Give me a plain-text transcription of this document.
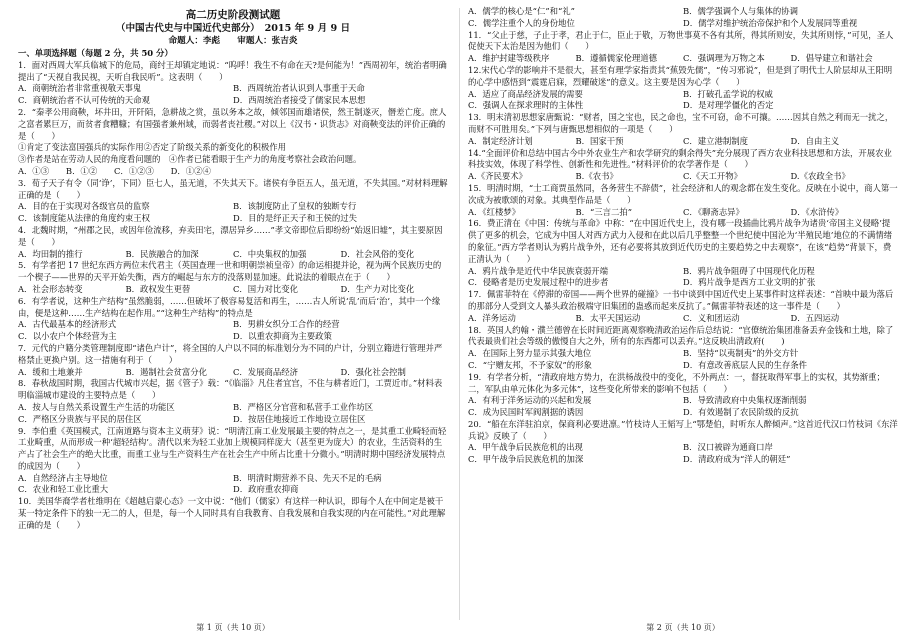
高二历史阶段测试题
（中国古代史与中国近代史部分）　2015 年 9 月 9 日
命题人：李彪　　审题人：张吉炎
一、单项选择题（每题 2 分，共 50 分）
1．面对西周大军兵临城下的危局，商纣王却镇定地说：“呜呼！我生不有命在天?是何能为！”西周初年，统治者明确提出了“天视自我民视，天听自我民听”。这表明（　　）
A．商朝统治者非常重视敬天事鬼	B．西周统治者认识到人事重于天命
C．商朝统治者不认可传统的天命观	D．西周统治者接受了儒家民本思想
2．“秦孝公用商鞅，坏井田，开阡陌，急耕战之赏，虽以务本之故，倾邻国而雄诸侯，然王制遂灭，僭差亡度。庶人之富者累巨万，而贫者食糟糠；有国强者兼州域，而弱者丧社稷。”对以上《汉书・识货志》对商鞅变法的评价正确的是（　　）
①肯定了变法富国强兵的实际作用②否定了阶级关系的新变化的积极作用
③作者是站在劳动人民的角度看问题的　④作者已能看眼于生产力的角度考察社会政治问题。
A．①③　　B．①②　　C．①②③　　D．①②④
3．荀子天子有令（同‘诤’，下同）臣七人，虽无道，不失其天下。诸侯有争臣五人，虽无道，不失其国。”对材料理解正确的是（　　）
A．目的在于实现对各级官员的监察	B．该制度防止了皇权的独断专行
C．该制度能从法律的角度约束王权	D．目的是纾正天子和王侯的过失
4．北魏时期，“州郡之民，或因年俭流移，弃卖田宅，漂居异乡……”孝文帝即位后即纷纷“始返旧墟”，其主要原因是（　　）
A．均田制的推行	B．民族融合的加深	C．中央集权的加强	D．社会风俗的变化
5．有学者把 17 世纪东西方两位末代君主（英国查理一世和明朝崇祯皇帝）的命运相提并论，视为两个民族历史的一个楔子——世界的天平开始失衡，西方的崛起与东方的没落则显加速。此说法的着眼点在于（　　）
A．社会形态转变	B．政权发生更替	C．国力对比变化	D．生产力对比变化
6．有学者说，这种生产结构“虽然脆弱，……但破坏了极容易复活和再生，……古人所说‘乱’而后‘治’，其中一个缘由，便是这种……生产结构在起作用。”“这种生产结构”的特点是
A．古代最基本的经济形式	B．男耕女织分工合作的经营
C．以小农户个体经营为主	D．以重农抑商为主要政策
7．元代的户籍分类管理制度即“诸色户计”，将全国的人户以不同的标准划分为不同的户计，分别立籍进行管理并严格禁止更换户别。这一措施有利于（　　）
A．缓和土地兼并	B．遏制社会贫富分化	C．发展商品经济	D．强化社会控制
8．春秋战国时期，我国古代城市兴起，据《管子》载：“《临淄》凡住者宜宫，不住与耕者近门，工贾近市。”材料表明临淄城市建设的主要特点是（　　）
A．按人与自然关系设置生产生活的功能区	B．严格区分官营和私营手工业作坊区
C．严格区分贵族与平民的居住区	D．按居住地接近工作地设立居住区
9．李伯重《英国模式，江南道路与资本主义萌芽》说：“明清江南工业发展最主要的特点之一，是其重工业畸轻而轻工业畸重，从而形成一种‘超轻结构’。清代以来为轻工业加上规模同样庞大（甚至更为庞大）的农业，生活资料的生产占了社会生产的绝大比重，而重工业与生产资料生产在社会生产中所占比重十分微小。”明清时期中国经济发展特点的成因为（　　）
A．自然经济占主导地位	B．明清时期营养不良、先天不足的毛病
C．农业和轻工业比重大	D．政府重农抑商
10．美国华裔学者杜维明在《超越启蒙心态》一文中说：“他们（儒家）有这样一种认识，即每个人在中间定是被干某一特定条件下的独一无二的人，但是，每一个人同时具有自我教育、自我发展和自我实现的内在可能性。”对此理解正确的是（　　）
A．儒学的核心是“仁”和“礼”	B．儒学强调个人与集体的协调
C．儒学注重个人的身份地位	D．儒学对维护统治帝保护和个人发展同等重视
11．“父止于慈，子止于孝，君止于仁，臣止于敬，万物世事莫不各有其所，得其所则安，失其所则悖，”可见，圣人促使天下太治是因为他们（　　）
A．维护封建等级秩序	B．遵循儒家伦理道德	C．强调理为万物之本	D．倡导建立和谐社会
12.宋代心学的影响并不是很大，甚至有理学家指责其“蕉毁先儒”，“传习邪说”，但是到了明代士人阶层却从王阳明的心学中感悟到“震霆启寐，烈耀破迷”的意义。这主要是因为心学（　　）
A．适应了商品经济发展的需要	B．打破孔孟学说的权威
C．强调人在探求理时的主体性	D．是对理学僵化的否定
13．明末清初思想家唐甄说：“财者，国之宝也，民之命也，宝不可窃，命不可攘。……因其自然之利而无一扰之，而财不可胜用矣。”下列与唐甄思想相似的一项是（　　）
A．制定经济计划	B．国家干预	C．建立港制制度	D．自由主义
14.“全面评价和总结中国古今中外农业生产和农学研究的剩余得失”充分展现了西方农业科技思想和方法，开展农业科技实效，体现了科学性、创新性和先进性。”材料评价的农学著作是（　　）
A.《齐民要术》	B.《农书》	C.《天工开物》	D.《农政全书》
15．明清时期，“士工商贾虽然同，各务营生不辞债”，社会经济和人的观念都在发生变化。反映在小说中，商人第一次成为被歌颂的对象。其典型作品是（　　）
A．《红楼梦》	B．“三言二拍”	C．《聊斋志异》	D．《水浒传》
16．费正清在《中国：传统与革命》中称：“在中国近代史上，没有哪一段插曲比鸦片战争为诸贵‘帝国主义侵略’提供了更多的机会，它成为中国人对西方武力入侵和在此以后几乎整整一个世纪使中国沦为‘半殖民地’地位的不满情绪的象征。”西方学者则认为鸦片战争外，还有必要将其放到近代历史的主要趋势之中去观察”，在该“趋势”背景下，费正清认为（　　）
A．鸦片战争是近代中华民族衰弱开端	B．鸦片战争阻碍了中国现代化历程
C．侵略者是历史发展过程中的进步者	D．鸦片战争是西方工业文明的扩张
17．佩雷菲特在《停滞的帝国——两个世界的碰撞》一书中谈到中国近代史上某事件时这样表述：“首映中最为落后的那部分人受到文人暴头政治极端守旧集团的蛊惑而起来反抗了。”佩雷菲特表述的这一事件是（　　）
A．洋务运动	B．太平天国运动	C．义和团运动	D．五四运动
18．英国人约翰・濮兰德曾在长时间近距离观察晚清政治运作后总结说：“官僚统治集团准备丢弃金钱和土地，除了代表最贵们社会等级的傲慢自大之外，所有的东西都可以丢弃。”这反映出清政府(　　)
A．在国际上努力显示其强大地位	B．坚持“以夷制夷”的外交方针
C．“宁赠友邦，不予家奴”的形象	D．有意改善底层人民的生存条件
19．有学者分析，“清政府地方势力，在洪杨战役中的变化，不外两点：一，督抚取得军事上的实权，其势渐重；二，军队由单元体化为多元体”，这些变化所带来的影响不包括（　　）
A．有利于洋务运动的兴起和发展	B．导致清政府中央集权逐渐削弱
C．成为民国时军阀割据的诱因	D．有效遏制了农民阶级的反抗
20．“船在东洋驻泊京，保商利必要进凛。”竹枝诗人王韬写上“鄂楚伯，时听东人醉倾声。”这首近代汉口竹枝词《东洋兵说》反映了（　　）
A．甲午战争后民族危机的出现	B．汉口被辟为通商口岸
C．甲午战争后民族危机的加深	D．清政府成为“洋人的朝廷”
第 1 页（共 10 页）	第 2 页（共 10 页）
